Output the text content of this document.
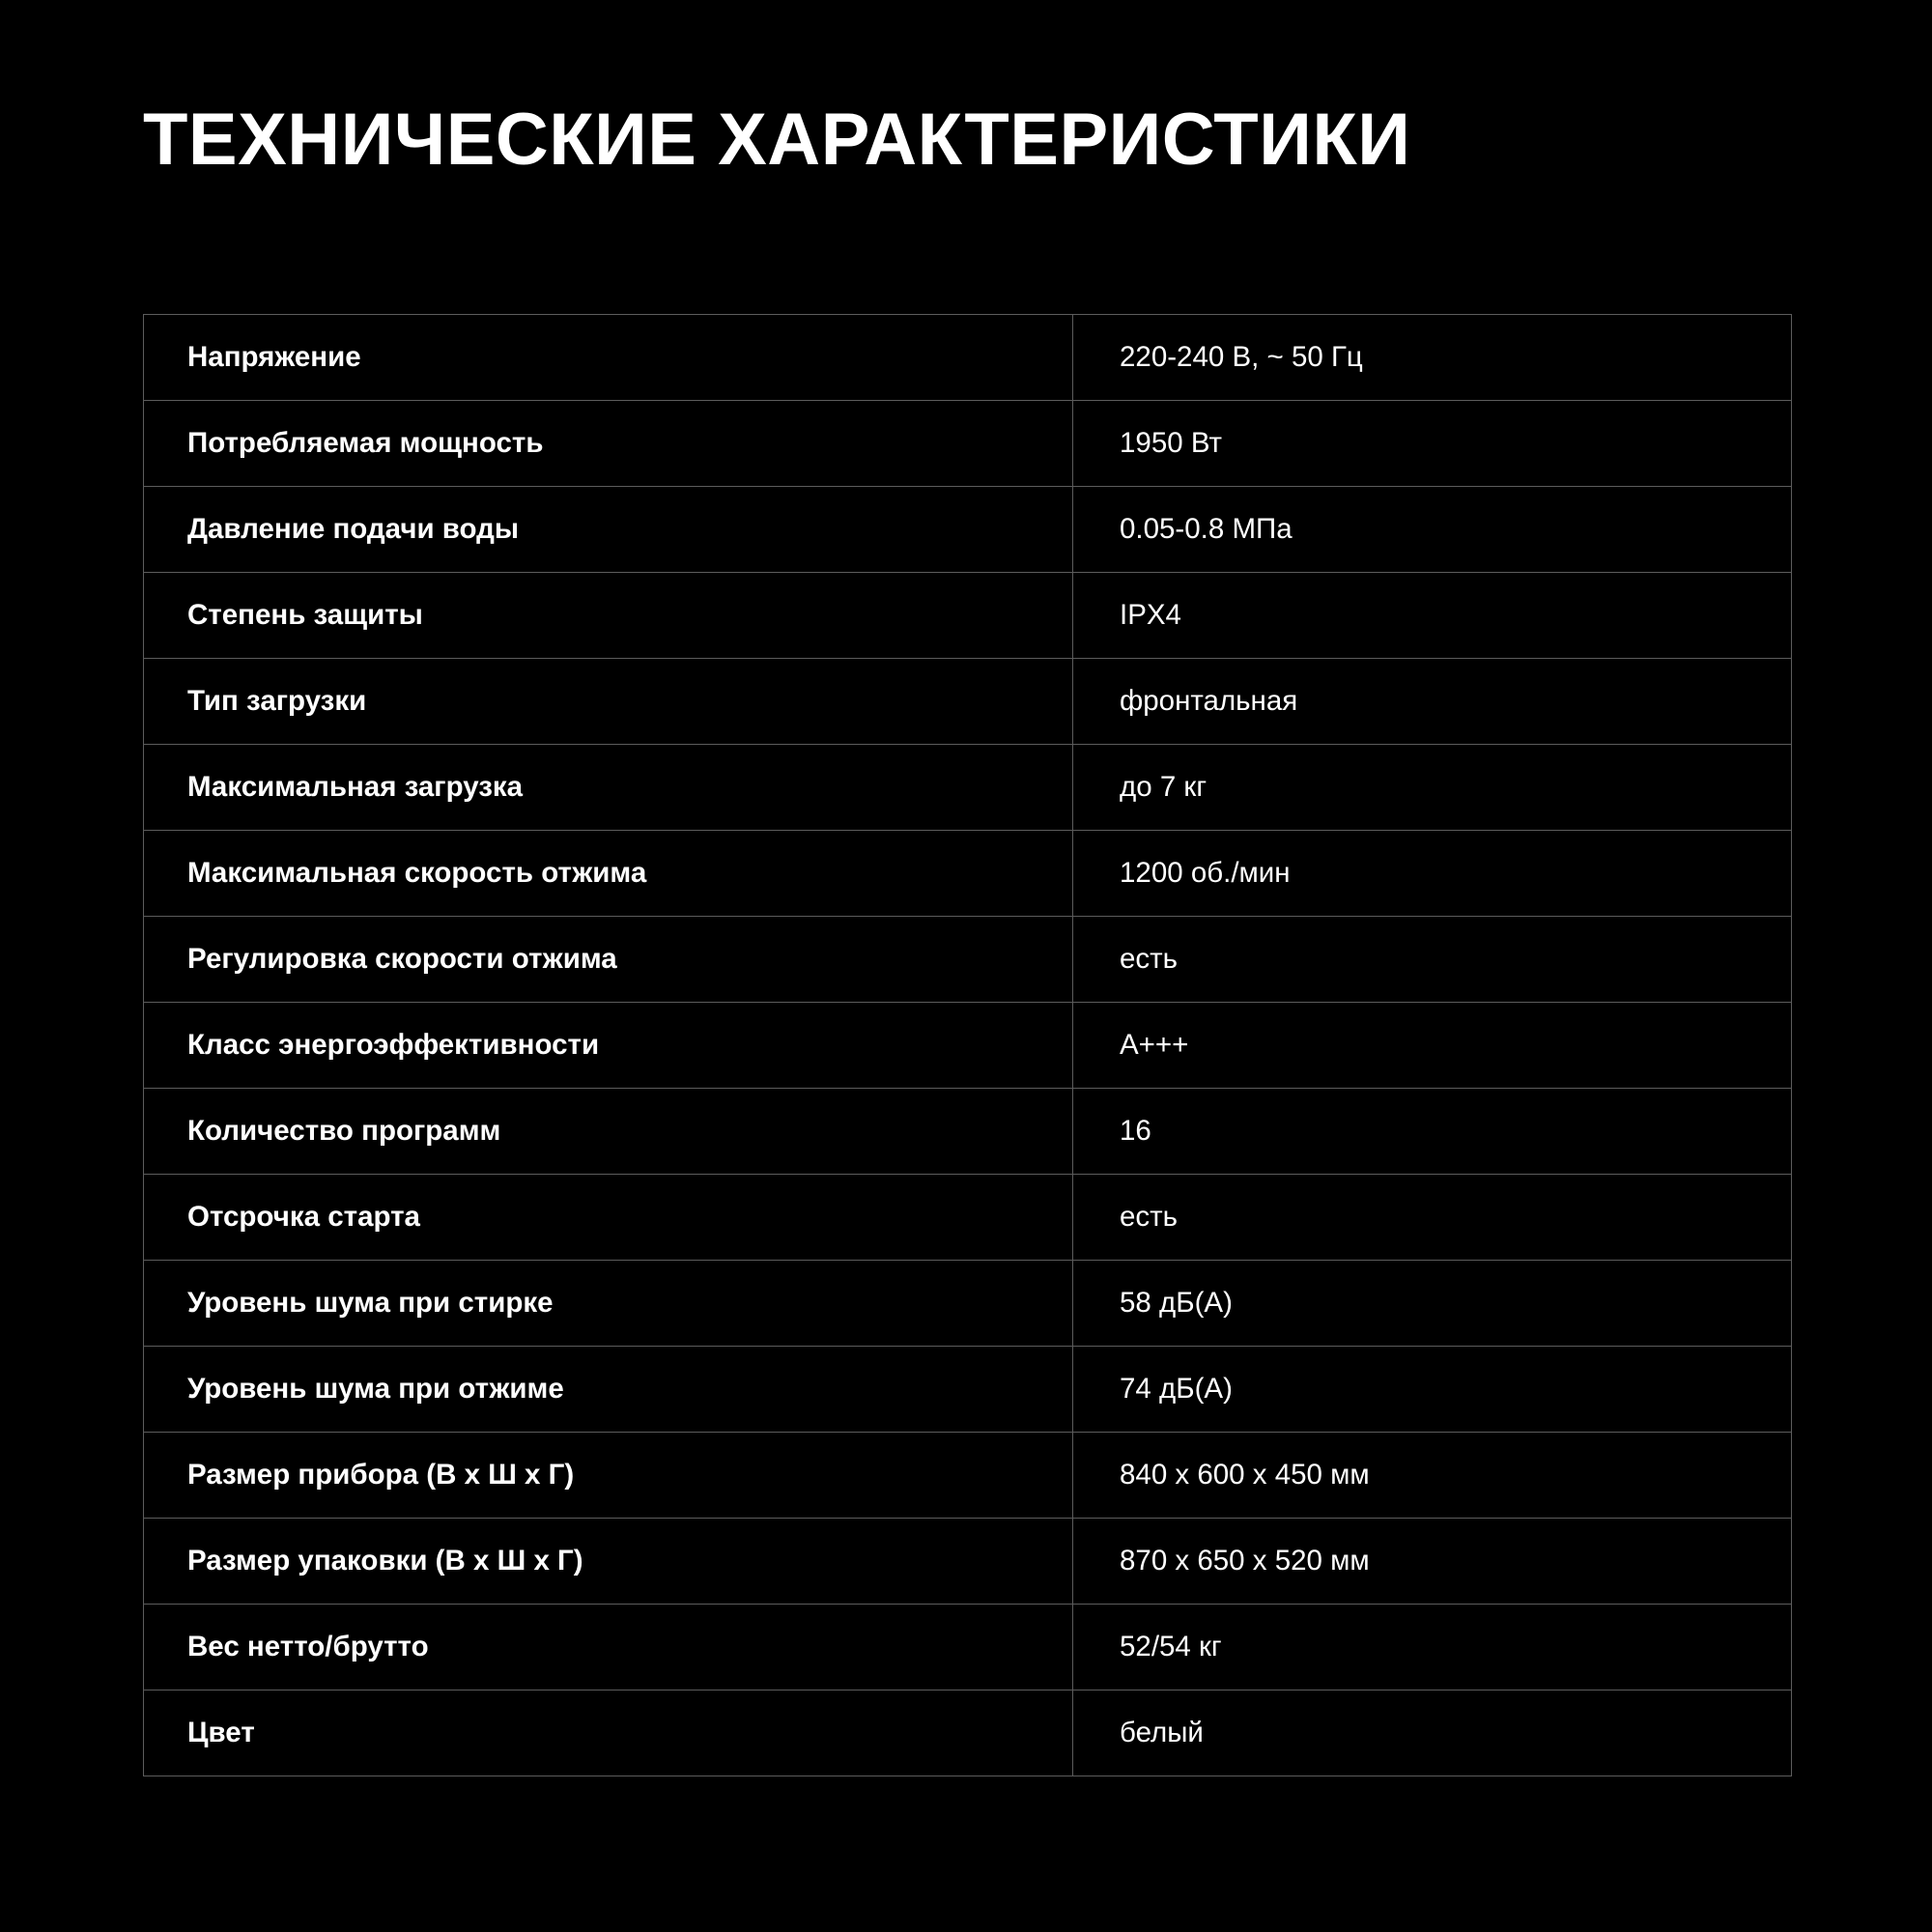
ТЕХНИЧЕСКИЕ ХАРАКТЕРИСТИКИ
Напряжение	220-240 В, ~ 50 Гц
Потребляемая мощность	1950 Вт
Давление подачи воды	0.05-0.8 МПа
Степень защиты	IPX4
Тип загрузки	фронтальная
Максимальная загрузка	до 7 кг
Максимальная скорость отжима	1200 об./мин
Регулировка скорости отжима	есть
Класс энергоэффективности	A+++
Количество программ	16
Отсрочка старта	есть
Уровень шума при стирке	58 дБ(А)
Уровень шума при отжиме	74 дБ(А)
Размер прибора (В х Ш х Г)	840 x 600 x 450 мм
Размер упаковки (В х Ш х Г)	870 x 650 x 520 мм
Вес нетто/брутто	52/54 кг
Цвет	белый
